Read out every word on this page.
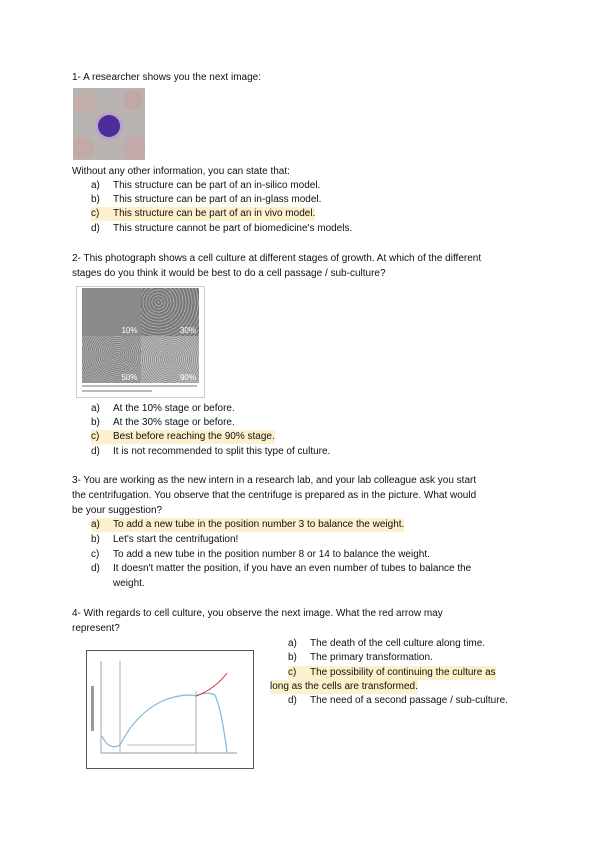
1- A researcher shows you the next image:
Without any other information, you can state that:
a) This structure can be part of an in-silico model.
b) This structure can be part of an in-glass model.
c) This structure can be part of an in vivo model.
d) This structure cannot be part of biomedicine's models.
2- This photograph shows a cell culture at different stages of growth. At which of the different
stages do you think it would be best to do a cell passage / sub-culture?
10%	30%
50%	90%
a) At the 10% stage or before.
b) At the 30% stage or before.
c) Best before reaching the 90% stage.
d) It is not recommended to split this type of culture.
3- You are working as the new intern in a research lab, and your lab colleague ask you start
the centrifugation. You observe that the centrifuge is prepared as in the picture. What would
be your suggestion?
a) To add a new tube in the position number 3 to balance the weight.
b) Let's start the centrifugation!
c) To add a new tube in the position number 8 or 14 to balance the weight.
d) It doesn't matter the position, if you have an even number of tubes to balance the
weight.
4- With regards to cell culture, you observe the next image. What the red arrow may
represent?
a) The death of the cell culture along time.
b) The primary transformation.
c) The possibility of continuing the culture as
long as the cells are transformed.
d) The need of a second passage / sub-culture.
